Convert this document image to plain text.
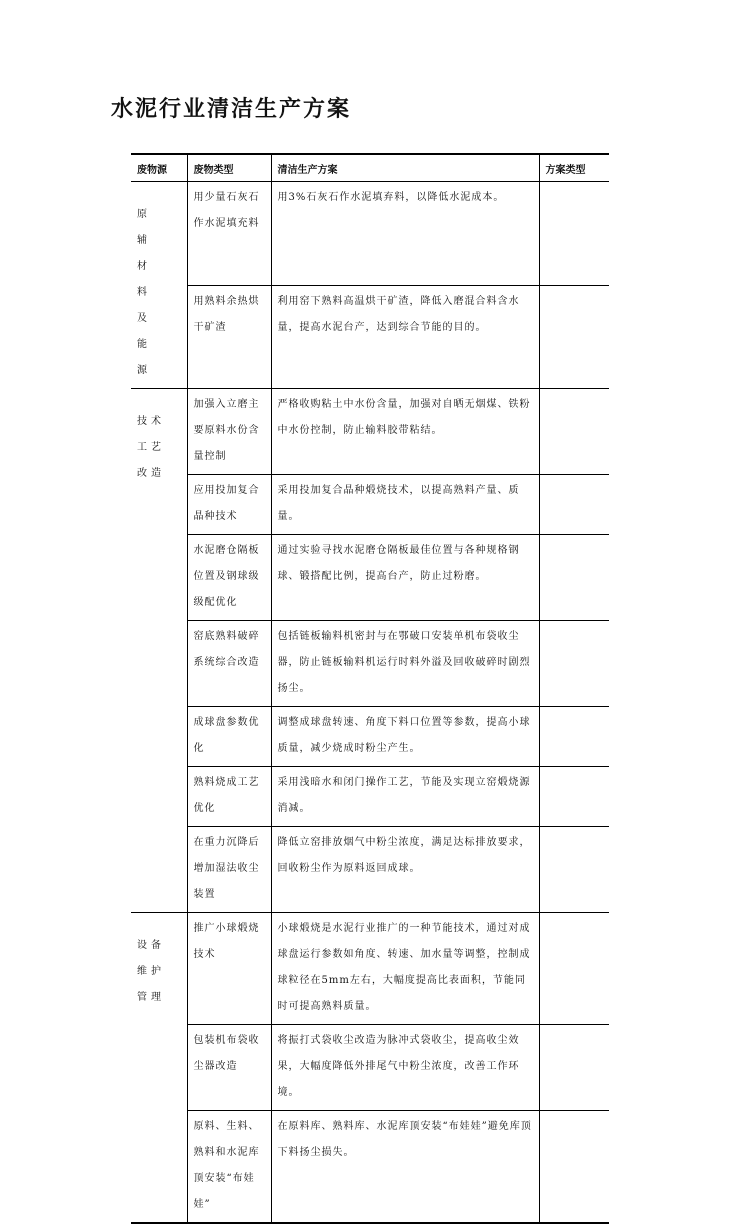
水泥行业清洁生产方案
废物源	废物类型	清洁生产方案	方案类型

原 辅 材 料 及 能 源	用少量石灰石作水泥填充料	用3%石灰石作水泥填弃料，以降低水泥成本。	

	用熟料余热烘干矿渣	利用窑下熟料高温烘干矿渣，降低入磨混合料含水量，提高水泥台产，达到综合节能的目的。	

技术 工艺 改造	加强入立磨主要原料水份含量控制	严格收购粘土中水份含量，加强对自晒无烟煤、铁粉中水份控制，防止输料胶带粘结。	

	应用投加复合晶种技术	采用投加复合晶种煅烧技术，以提高熟料产量、质量。	

	水泥磨仓隔板位置及钢球级级配优化	通过实验寻找水泥磨仓隔板最佳位置与各种规格钢球、锻搭配比例，提高台产，防止过粉磨。	

	窑底熟料破碎系统综合改造	包括链板输料机密封与在鄂破口安装单机布袋收尘器，防止链板输料机运行时料外溢及回收破碎时剧烈扬尘。	

	成球盘参数优化	调整成球盘转速、角度下料口位置等参数，提高小球质量，减少烧成时粉尘产生。	

	熟料烧成工艺优化	采用浅暗水和闭门操作工艺，节能及实现立窑煅烧源消减。	

	在重力沉降后增加湿法收尘装置	降低立窑排放烟气中粉尘浓度，满足达标排放要求，回收粉尘作为原料返回成球。	

设备 维护 管理	推广小球煅烧技术	小球煅烧是水泥行业推广的一种节能技术，通过对成球盘运行参数如角度、转速、加水量等调整，控制成球粒径在5mm左右，大幅度提高比表面积，节能同时可提高熟料质量。	

	包装机布袋收尘器改造	将振打式袋收尘改造为脉冲式袋收尘，提高收尘效果，大幅度降低外排尾气中粉尘浓度，改善工作环境。	

	原料、生料、熟料和水泥库顶安装“布娃娃”	在原料库、熟料库、水泥库顶安装“布娃娃”避免库顶下料扬尘损失。	
